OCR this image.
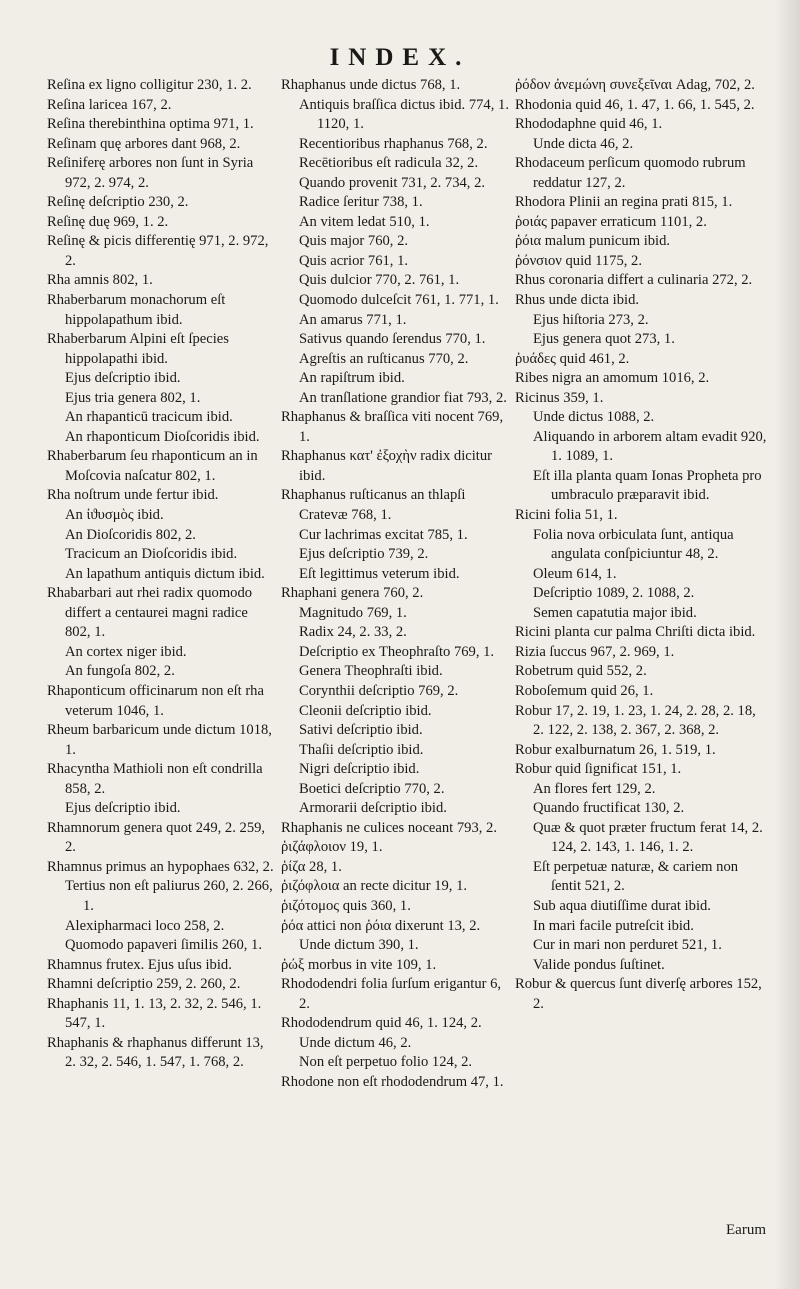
INDEX.
Reſina ex ligno colligitur 230, 1. 2.
Reſina laricea 167, 2.
Reſina therebinthina optima 971, 1.
Reſinam quę arbores dant 968, 2.
Reſiniferę arbores non ſunt in Syria 972, 2. 974, 2.
Reſinę deſcriptio 230, 2.
Reſinę duę 969, 1. 2.
Reſinę & picis differentię 971, 2. 972, 2.
Rha amnis 802, 1.
Rhaberbarum monachorum eſt hippolapathum ibid.
Rhaberbarum Alpini eſt ſpecies hippolapathi ibid.
Ejus deſcriptio ibid.
Ejus tria genera 802, 1.
An rhapanticū tracicum ibid.
An rhaponticum Dioſcoridis ibid.
Rhaberbarum ſeu rhaponticum an in Moſcovia naſcatur 802, 1.
Rha noſtrum unde fertur ibid.
An ἰϑυσμὸς ibid.
An Dioſcoridis 802, 2.
Tracicum an Dioſcoridis ibid.
An lapathum antiquis dictum ibid.
Rhabarbari aut rhei radix quomodo differt a centaurei magni radice 802, 1.
An cortex niger ibid.
An fungoſa 802, 2.
Rhaponticum officinarum non eſt rha veterum 1046, 1.
Rheum barbaricum unde dictum 1018, 1.
Rhacyntha Mathioli non eſt condrilla 858, 2.
Ejus deſcriptio ibid.
Rhamnorum genera quot 249, 2. 259, 2.
Rhamnus primus an hypophaes 632, 2.
Tertius non eſt paliurus 260, 2. 266, 1.
Alexipharmaci loco 258, 2.
Quomodo papaveri ſimilis 260, 1.
Rhamnus frutex. Ejus uſus ibid.
Rhamni deſcriptio 259, 2. 260, 2.
Rhaphanis 11, 1. 13, 2. 32, 2. 546, 1. 547, 1.
Rhaphanis & rhaphanus differunt 13, 2. 32, 2. 546, 1. 547, 1. 768, 2.
Rhaphanus unde dictus 768, 1.
Antiquis braſſica dictus ibid. 774, 1. 1120, 1.
Recentioribus rhaphanus 768, 2.
Recētioribus eſt radicula 32, 2.
Quando provenit 731, 2. 734, 2.
Radice ſeritur 738, 1.
An vitem ledat 510, 1.
Quis major 760, 2.
Quis acrior 761, 1.
Quis dulcior 770, 2. 761, 1.
Quomodo dulceſcit 761, 1. 771, 1.
An amarus 771, 1.
Sativus quando ſerendus 770, 1.
Agreſtis an ruſticanus 770, 2.
An rapiſtrum ibid.
An tranſlatione grandior fiat 793, 2.
Rhaphanus & braſſica viti nocent 769, 1.
Rhaphanus κατ' ἐξοχὴν radix dicitur ibid.
Rhaphanus ruſticanus an thlapſi Cratevæ 768, 1.
Cur lachrimas excitat 785, 1.
Ejus deſcriptio 739, 2.
Eſt legittimus veterum ibid.
Rhaphani genera 760, 2.
Magnitudo 769, 1.
Radix 24, 2. 33, 2.
Deſcriptio ex Theophraſto 769, 1.
Genera Theophraſti ibid.
Corynthii deſcriptio 769, 2.
Cleonii deſcriptio ibid.
Sativi deſcriptio ibid.
Thaſii deſcriptio ibid.
Nigri deſcriptio ibid.
Boetici deſcriptio 770, 2.
Armorarii deſcriptio ibid.
Rhaphanis ne culices noceant 793, 2.
ῥιζάφλοιον 19, 1.
ῥίζα 28, 1.
ῥιζόφλοια an recte dicitur 19, 1.
ῥιζότομος quis 360, 1.
ῥόα attici non ῥόια dixerunt 13, 2.
Unde dictum 390, 1.
ῥώξ morbus in vite 109, 1.
Rhododendri folia ſurſum erigantur 6, 2.
Rhododendrum quid 46, 1. 124, 2.
Unde dictum 46, 2.
Non eſt perpetuo folio 124, 2.
Rhodone non eſt rhododendrum 47, 1.
ῥόδον ἀνεμώνη συνεξεῖναι Adag, 702, 2.
Rhodonia quid 46, 1. 47, 1. 66, 1. 545, 2.
Rhododaphne quid 46, 1.
Unde dicta 46, 2.
Rhodaceum perſicum quomodo rubrum reddatur 127, 2.
Rhodora Plinii an regina prati 815, 1.
ῥοιάς papaver erraticum 1101, 2.
ῥόια malum punicum ibid.
ῥόνσιον quid 1175, 2.
Rhus coronaria differt a culinaria 272, 2.
Rhus unde dicta ibid.
Ejus hiſtoria 273, 2.
Ejus genera quot 273, 1.
ῥυάδες quid 461, 2.
Ribes nigra an amomum 1016, 2.
Ricinus 359, 1.
Unde dictus 1088, 2.
Aliquando in arborem altam evadit 920, 1. 1089, 1.
Eſt illa planta quam Ionas Propheta pro umbraculo præparavit ibid.
Ricini folia 51, 1.
Folia nova orbiculata ſunt, antiqua angulata conſpiciuntur 48, 2.
Oleum 614, 1.
Deſcriptio 1089, 2. 1088, 2.
Semen capatutia major ibid.
Ricini planta cur palma Chriſti dicta ibid.
Rizia ſuccus 967, 2. 969, 1.
Robetrum quid 552, 2.
Roboſemum quid 26, 1.
Robur 17, 2. 19, 1. 23, 1. 24, 2. 28, 2. 18, 2. 122, 2. 138, 2. 367, 2. 368, 2.
Robur exalburnatum 26, 1. 519, 1.
Robur quid ſignificat 151, 1.
An flores fert 129, 2.
Quando fructificat 130, 2.
Quæ & quot præter fructum ferat 14, 2. 124, 2. 143, 1. 146, 1. 2.
Eſt perpetuæ naturæ, & cariem non ſentit 521, 2.
Sub aqua diutiſſime durat ibid.
In mari facile putreſcit ibid.
Cur in mari non perduret 521, 1.
Valide pondus ſuſtinet.
Robur & quercus ſunt diverſę arbores 152, 2.
Earum
